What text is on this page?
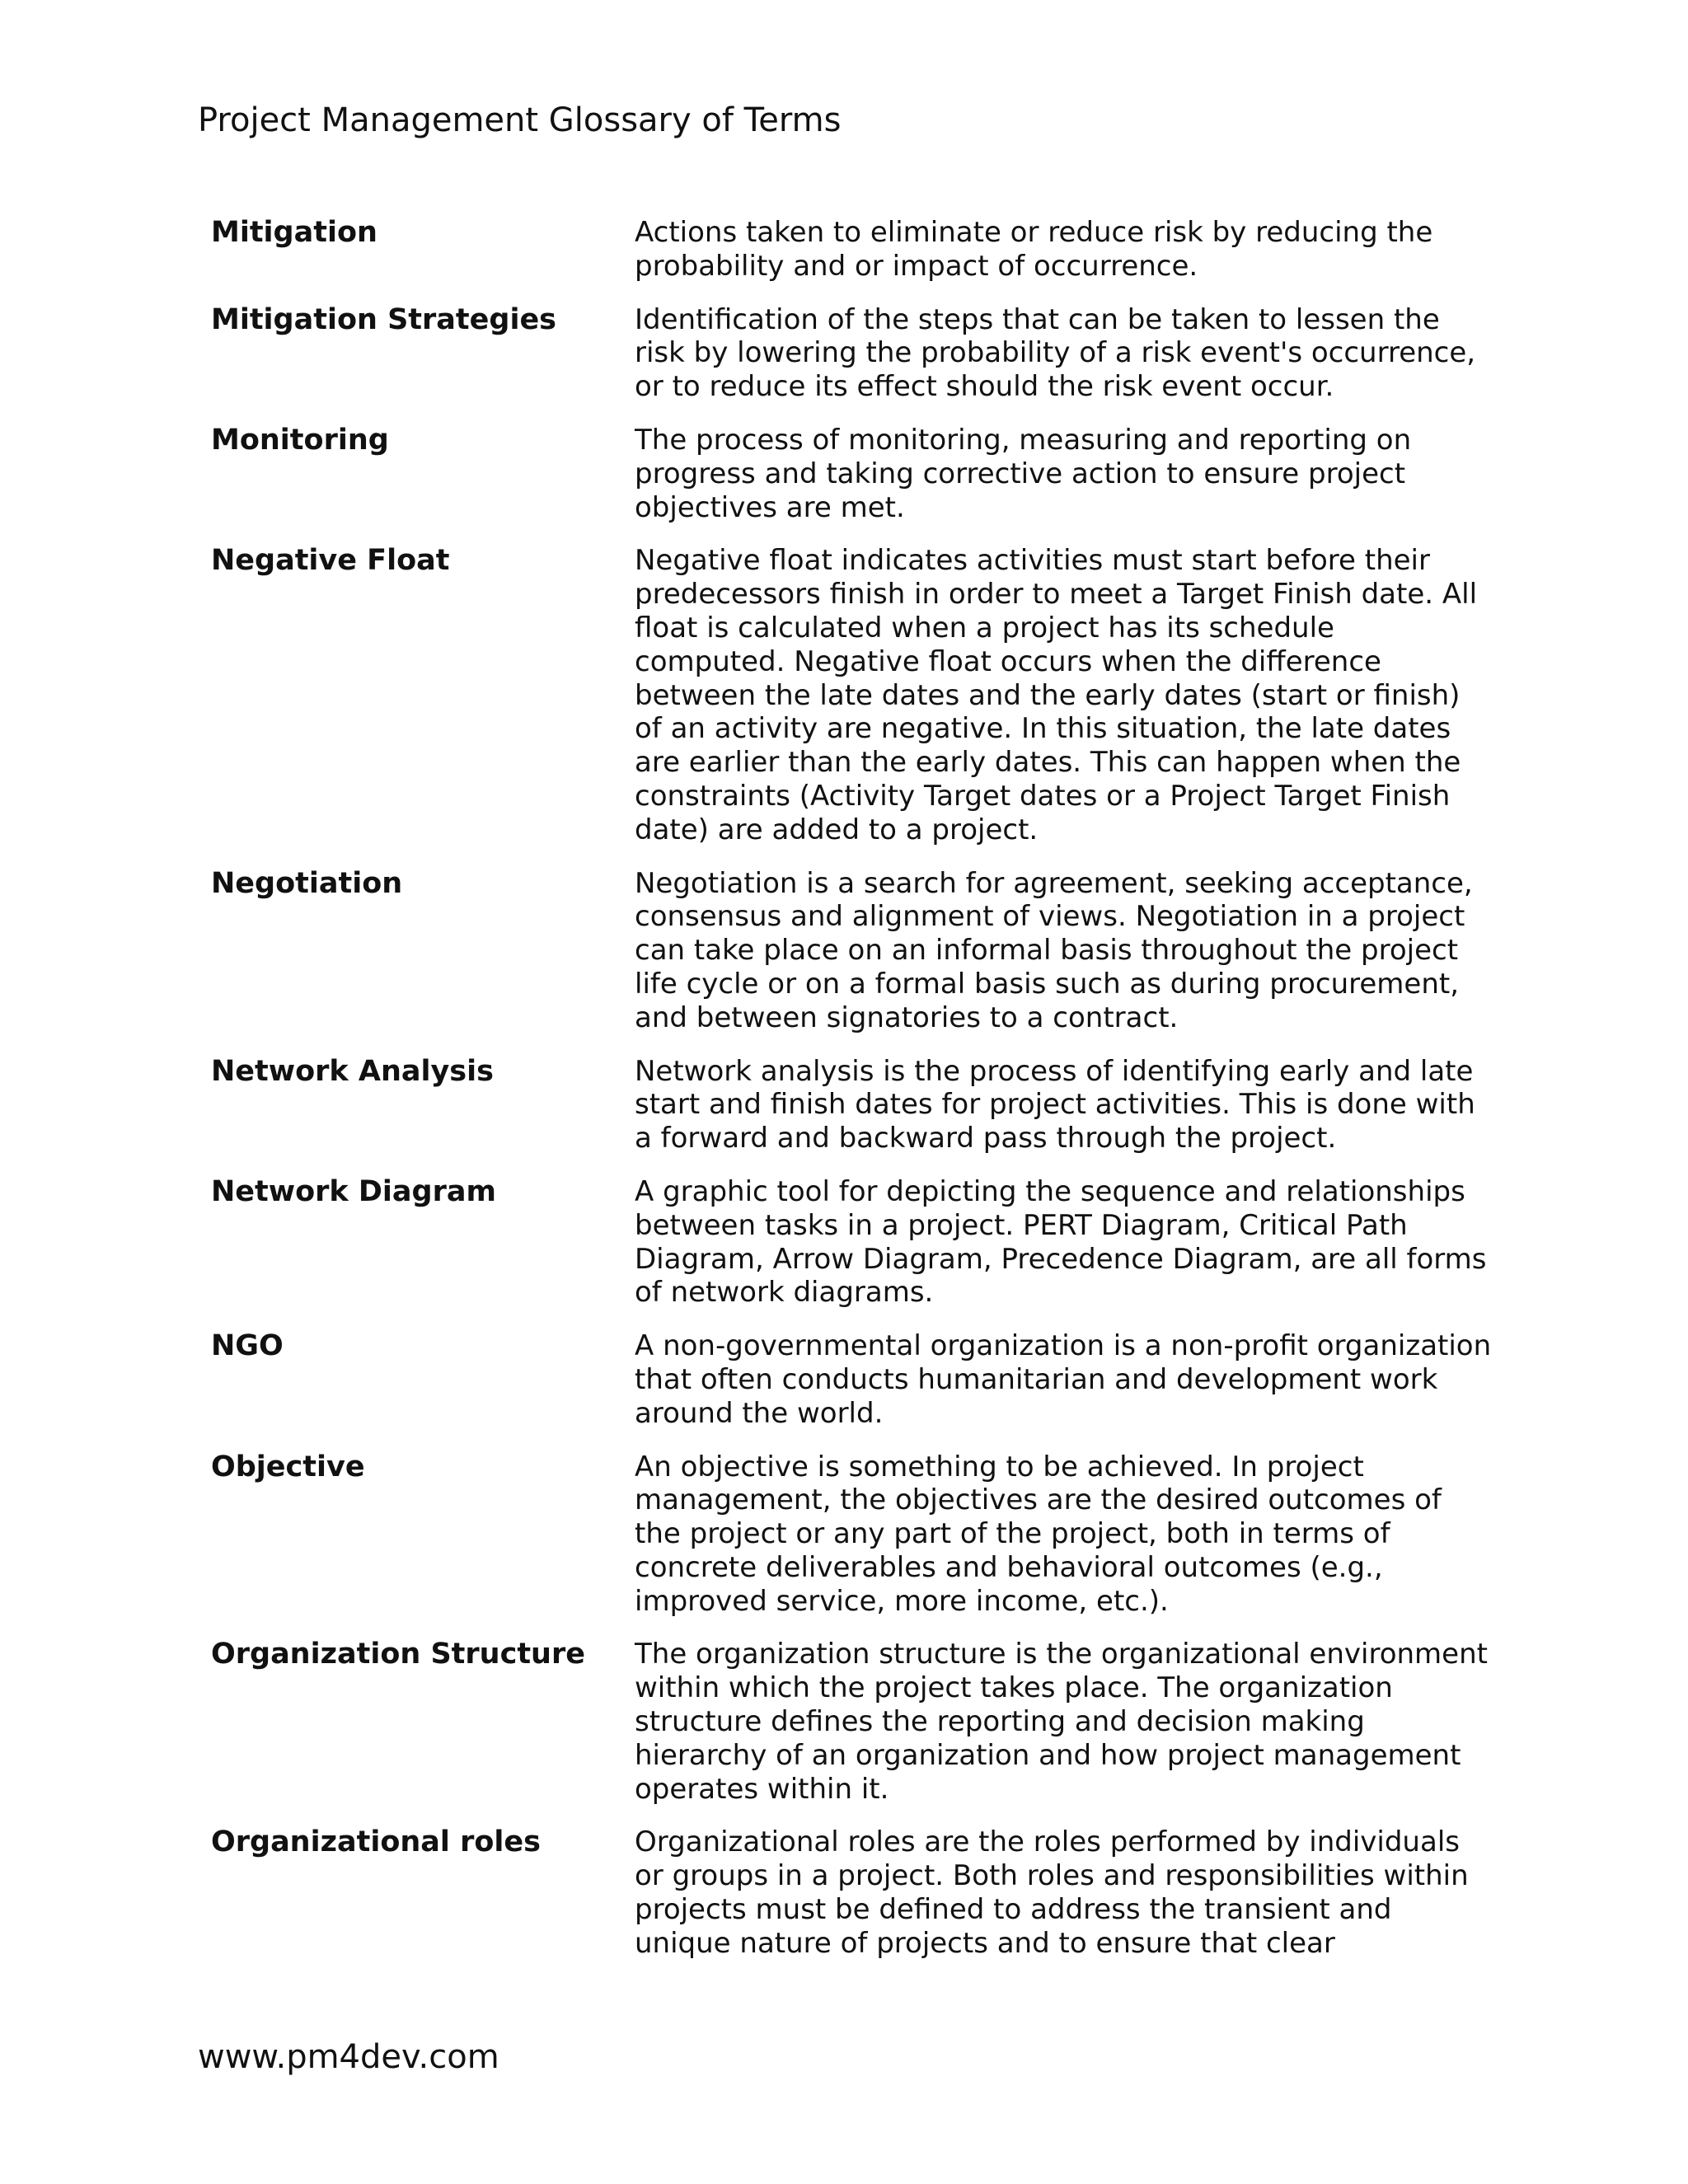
Project Management Glossary of Terms
Mitigation	Actions taken to eliminate or reduce risk by reducing the probability and or impact of occurrence.
Mitigation Strategies	Identification of the steps that can be taken to lessen the risk by lowering the probability of a risk event's occurrence, or to reduce its effect should the risk event occur.
Monitoring	The process of monitoring, measuring and reporting on progress and taking corrective action to ensure project objectives are met.
Negative Float	Negative float indicates activities must start before their predecessors finish in order to meet a Target Finish date. All float is calculated when a project has its schedule computed. Negative float occurs when the difference between the late dates and the early dates (start or finish) of an activity are negative. In this situation, the late dates are earlier than the early dates. This can happen when the constraints (Activity Target dates or a Project Target Finish date) are added to a project.
Negotiation	Negotiation is a search for agreement, seeking acceptance, consensus and alignment of views. Negotiation in a project can take place on an informal basis throughout the project life cycle or on a formal basis such as during procurement, and between signatories to a contract.
Network Analysis	Network analysis is the process of identifying early and late start and finish dates for project activities. This is done with a forward and backward pass through the project.
Network Diagram	A graphic tool for depicting the sequence and relationships between tasks in a project. PERT Diagram, Critical Path Diagram, Arrow Diagram, Precedence Diagram, are all forms of network diagrams.
NGO	A non-governmental organization is a non-profit organization that often conducts humanitarian and development work around the world.
Objective	An objective is something to be achieved. In project management, the objectives are the desired outcomes of the project or any part of the project, both in terms of concrete deliverables and behavioral outcomes (e.g., improved service, more income, etc.).
Organization Structure	The organization structure is the organizational environment within which the project takes place. The organization structure defines the reporting and decision making hierarchy of an organization and how project management operates within it.
Organizational roles	Organizational roles are the roles performed by individuals or groups in a project. Both roles and responsibilities within projects must be defined to address the transient and unique nature of projects and to ensure that clear
www.pm4dev.com
